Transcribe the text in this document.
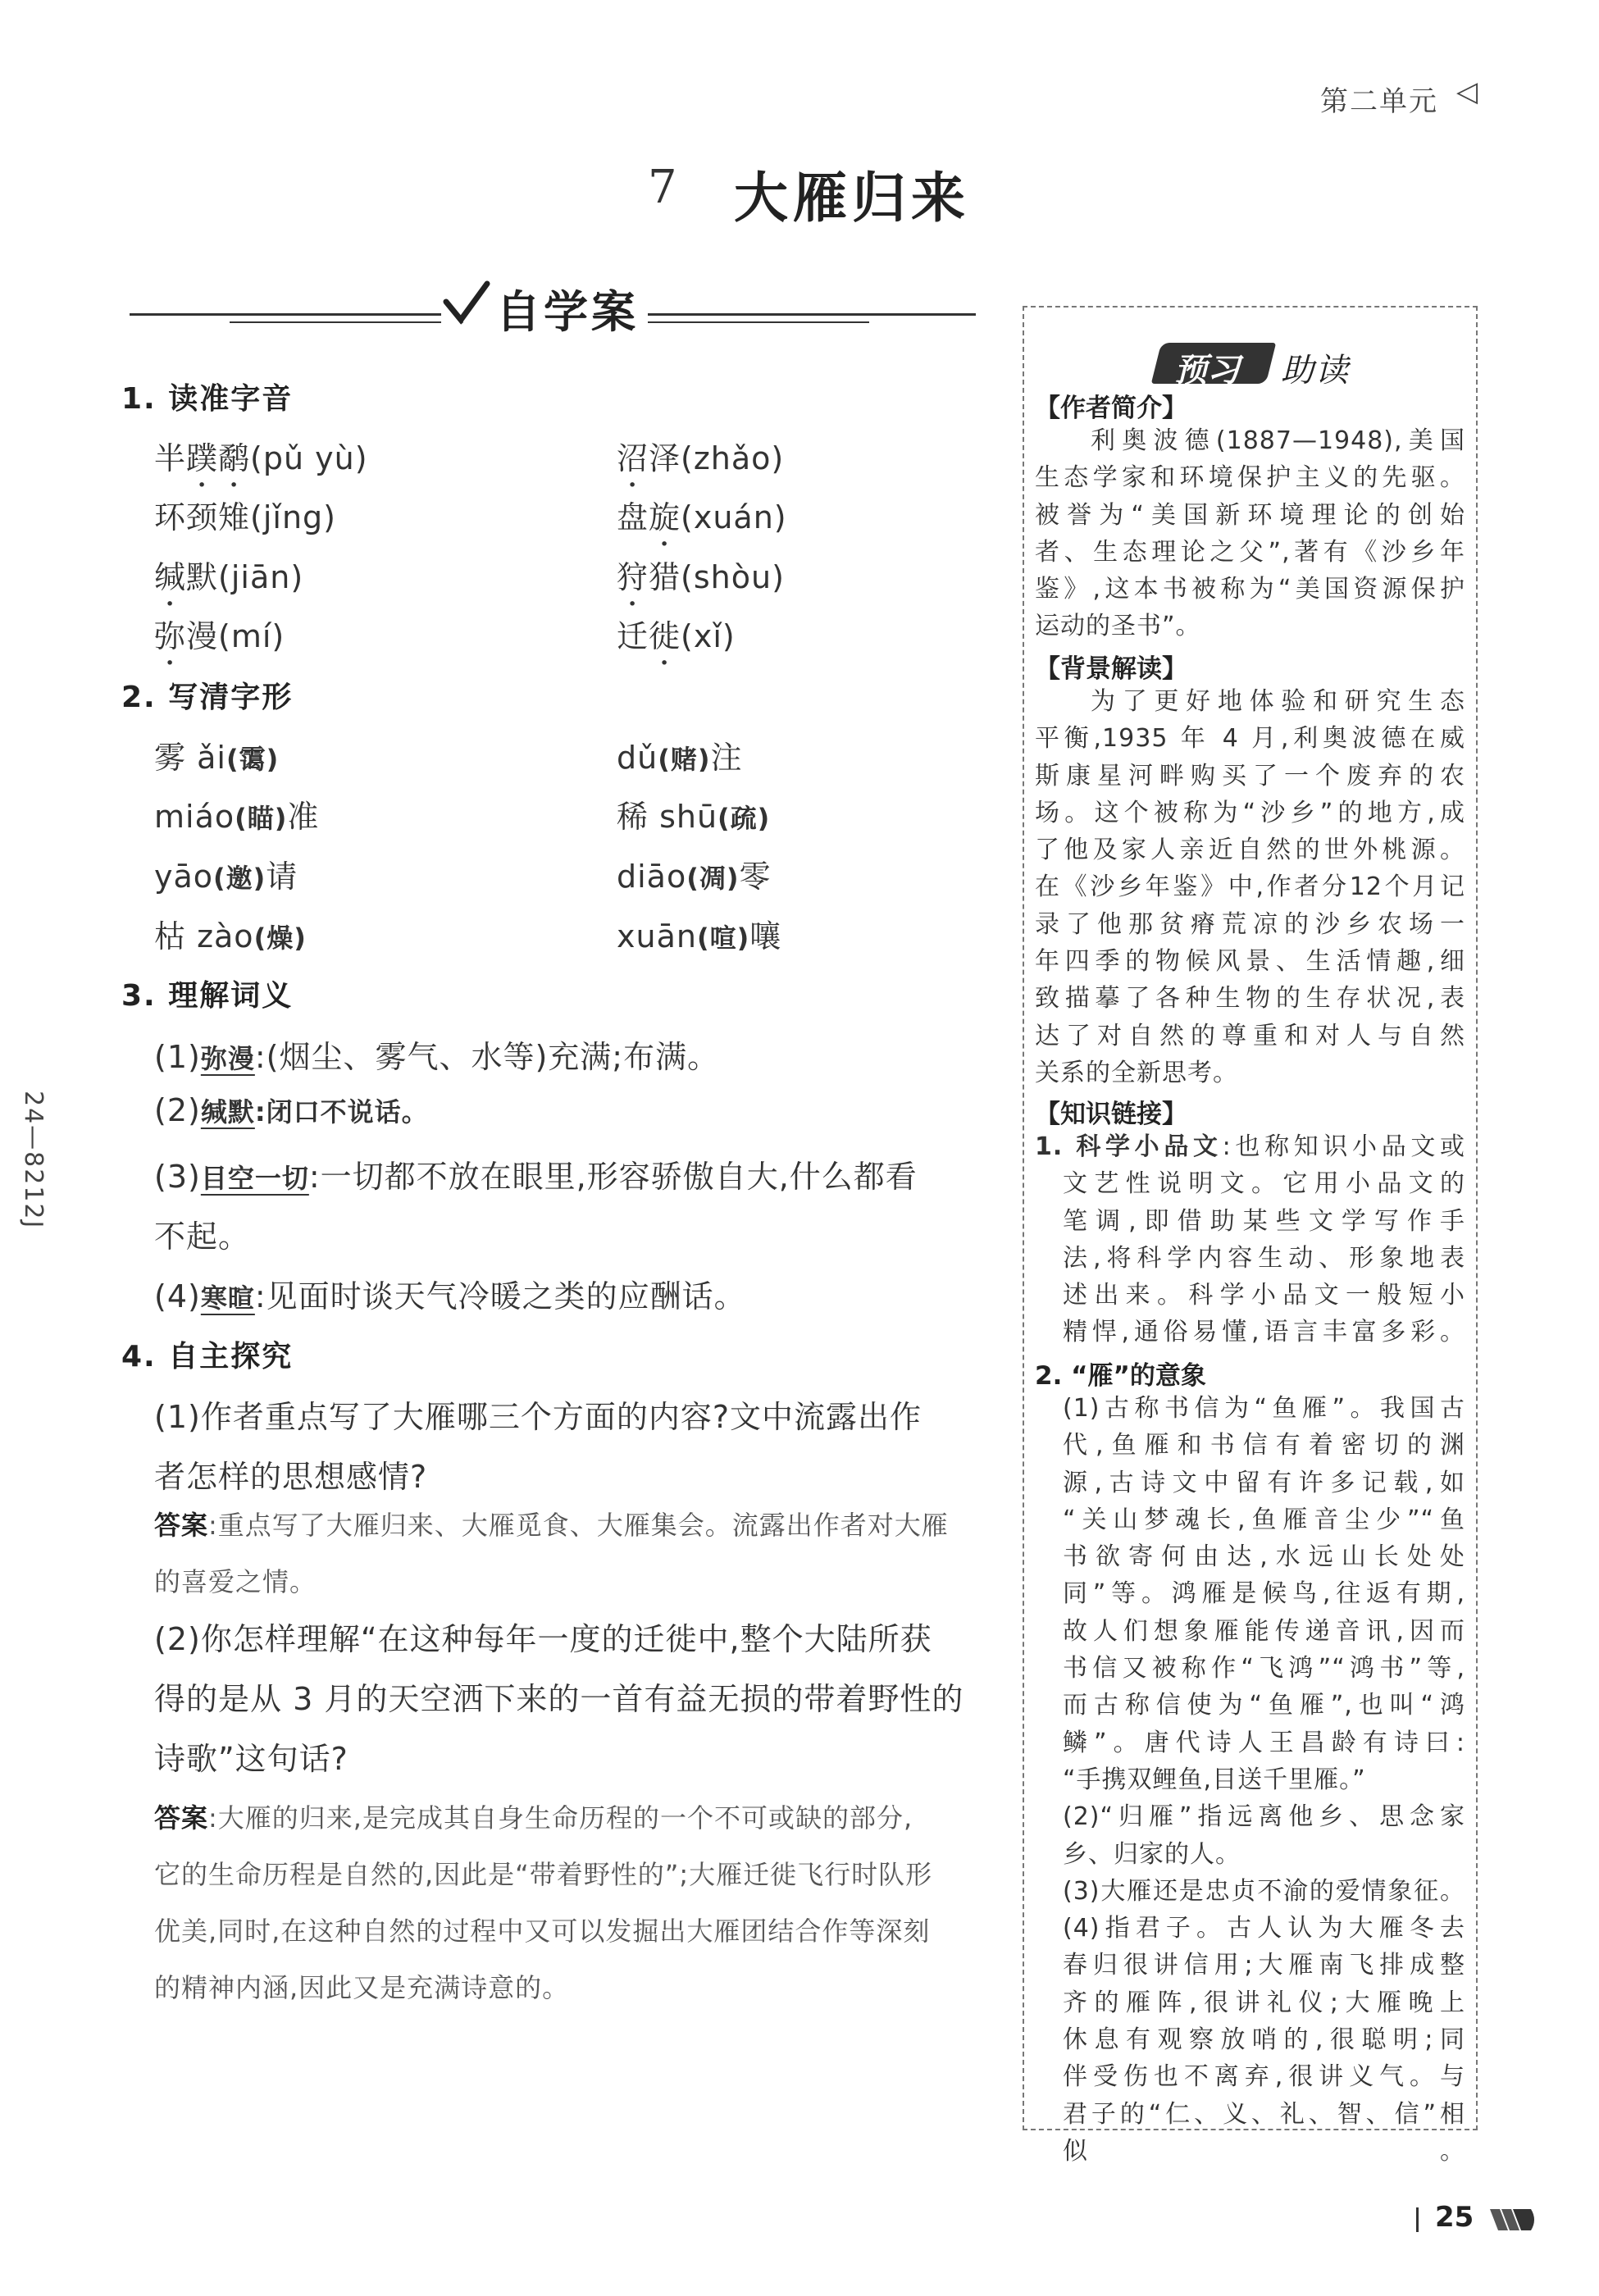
第二单元 ◁
7 大雁归来
自学案
1. 读准字音
半蹼鹬(pǔ yù)	沼泽(zhǎo)
环颈雉(jǐng)	盘旋(xuán)
缄默(jiān)	狩猎(shòu)
弥漫(mí)	迁徙(xǐ)
2. 写清字形
雾 ǎi(霭)	dǔ(赌)注
miáo(瞄)准	稀 shū(疏)
yāo(邀)请	diāo(凋)零
枯 zào(燥)	xuān(喧)嚷
3. 理解词义
(1)弥漫:(烟尘、雾气、水等)充满;布满。
(2)缄默:闭口不说话。
(3)目空一切:一切都不放在眼里,形容骄傲自大,什么都看
不起。
(4)寒暄:见面时谈天气冷暖之类的应酬话。
4. 自主探究
(1)作者重点写了大雁哪三个方面的内容?文中流露出作
者怎样的思想感情?
答案:重点写了大雁归来、大雁觅食、大雁集会。流露出作者对大雁
的喜爱之情。
(2)你怎样理解“在这种每年一度的迁徙中,整个大陆所获
得的是从 3 月的天空洒下来的一首有益无损的带着野性的
诗歌”这句话?
答案:大雁的归来,是完成其自身生命历程的一个不可或缺的部分,
它的生命历程是自然的,因此是“带着野性的”;大雁迁徙飞行时队形
优美,同时,在这种自然的过程中又可以发掘出大雁团结合作等深刻
的精神内涵,因此又是充满诗意的。
24—8212J
预习 助读
【作者简介】
利奥波德(1887—1948),美国
生态学家和环境保护主义的先驱。
被誉为“美国新环境理论的创始
者、生态理论之父”,著有《沙乡年
鉴》,这本书被称为“美国资源保护
运动的圣书”。
【背景解读】
为了更好地体验和研究生态
平衡,1935 年 4 月,利奥波德在威
斯康星河畔购买了一个废弃的农
场。这个被称为“沙乡”的地方,成
了他及家人亲近自然的世外桃源。
在《沙乡年鉴》中,作者分12个月记
录了他那贫瘠荒凉的沙乡农场一
年四季的物候风景、生活情趣,细
致描摹了各种生物的生存状况,表
达了对自然的尊重和对人与自然
关系的全新思考。
【知识链接】
1. 科学小品文:也称知识小品文或
文艺性说明文。它用小品文的
笔调,即借助某些文学写作手
法,将科学内容生动、形象地表
述出来。科学小品文一般短小
精悍,通俗易懂,语言丰富多彩。
2. “雁”的意象
(1)古称书信为“鱼雁”。我国古
代,鱼雁和书信有着密切的渊
源,古诗文中留有许多记载,如
“关山梦魂长,鱼雁音尘少”“鱼
书欲寄何由达,水远山长处处
同”等。鸿雁是候鸟,往返有期,
故人们想象雁能传递音讯,因而
书信又被称作“飞鸿”“鸿书”等,
而古称信使为“鱼雁”,也叫“鸿
鳞”。唐代诗人王昌龄有诗曰:
“手携双鲤鱼,目送千里雁。”
(2)“归雁”指远离他乡、思念家
乡、归家的人。
(3)大雁还是忠贞不渝的爱情象征。
(4)指君子。古人认为大雁冬去
春归很讲信用;大雁南飞排成整
齐的雁阵,很讲礼仪;大雁晚上
休息有观察放哨的,很聪明;同
伴受伤也不离弃,很讲义气。与
君子的“仁、义、礼、智、信”相似。
25
